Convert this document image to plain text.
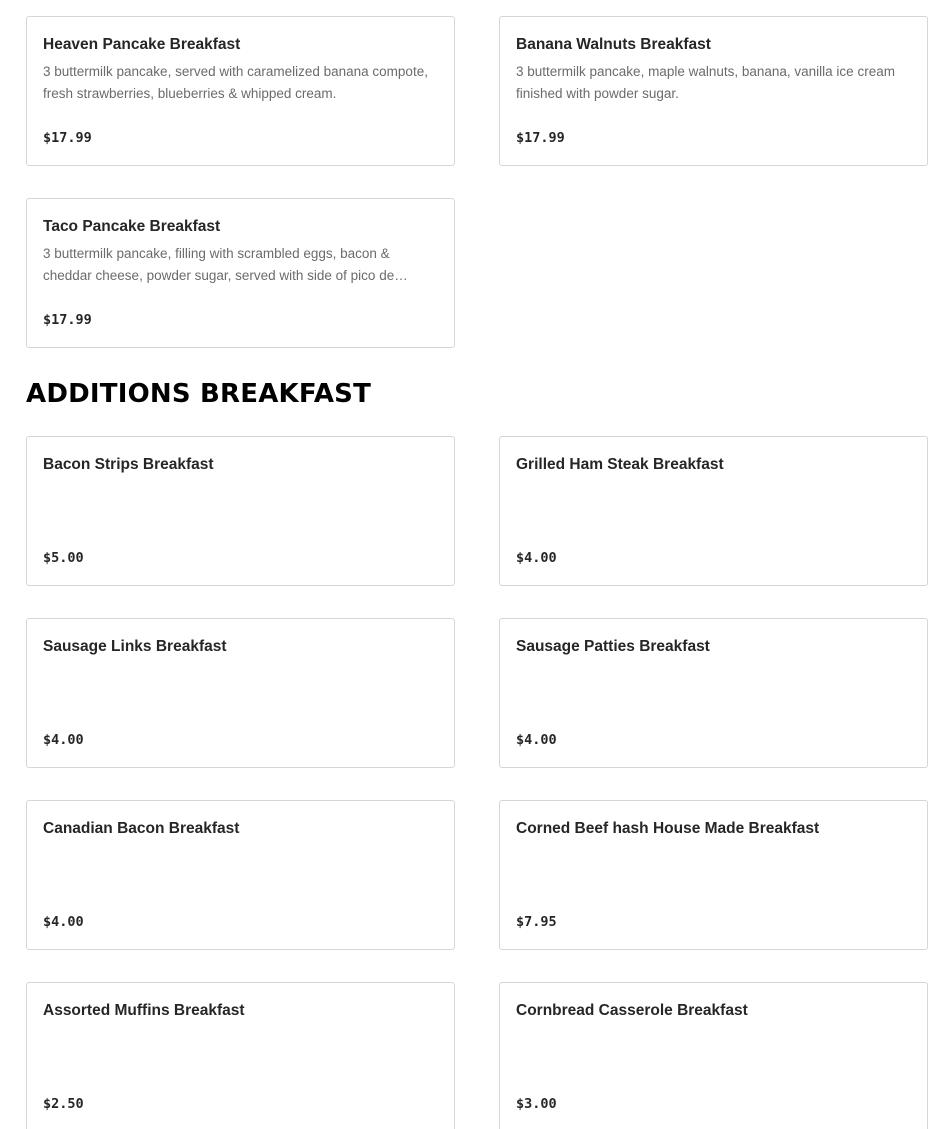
Heaven Pancake Breakfast
3 buttermilk pancake, served with caramelized banana compote, fresh strawberries, blueberries & whipped cream.
$17.99
Banana Walnuts Breakfast
3 buttermilk pancake, maple walnuts, banana, vanilla ice cream finished with powder sugar.
$17.99
Taco Pancake Breakfast
3 buttermilk pancake, filling with scrambled eggs, bacon & cheddar cheese, powder sugar, served with side of pico de…
$17.99
ADDITIONS BREAKFAST
Bacon Strips Breakfast
$5.00
Grilled Ham Steak Breakfast
$4.00
Sausage Links Breakfast
$4.00
Sausage Patties Breakfast
$4.00
Canadian Bacon Breakfast
$4.00
Corned Beef hash House Made Breakfast
$7.95
Assorted Muffins Breakfast
$2.50
Cornbread Casserole Breakfast
$3.00
